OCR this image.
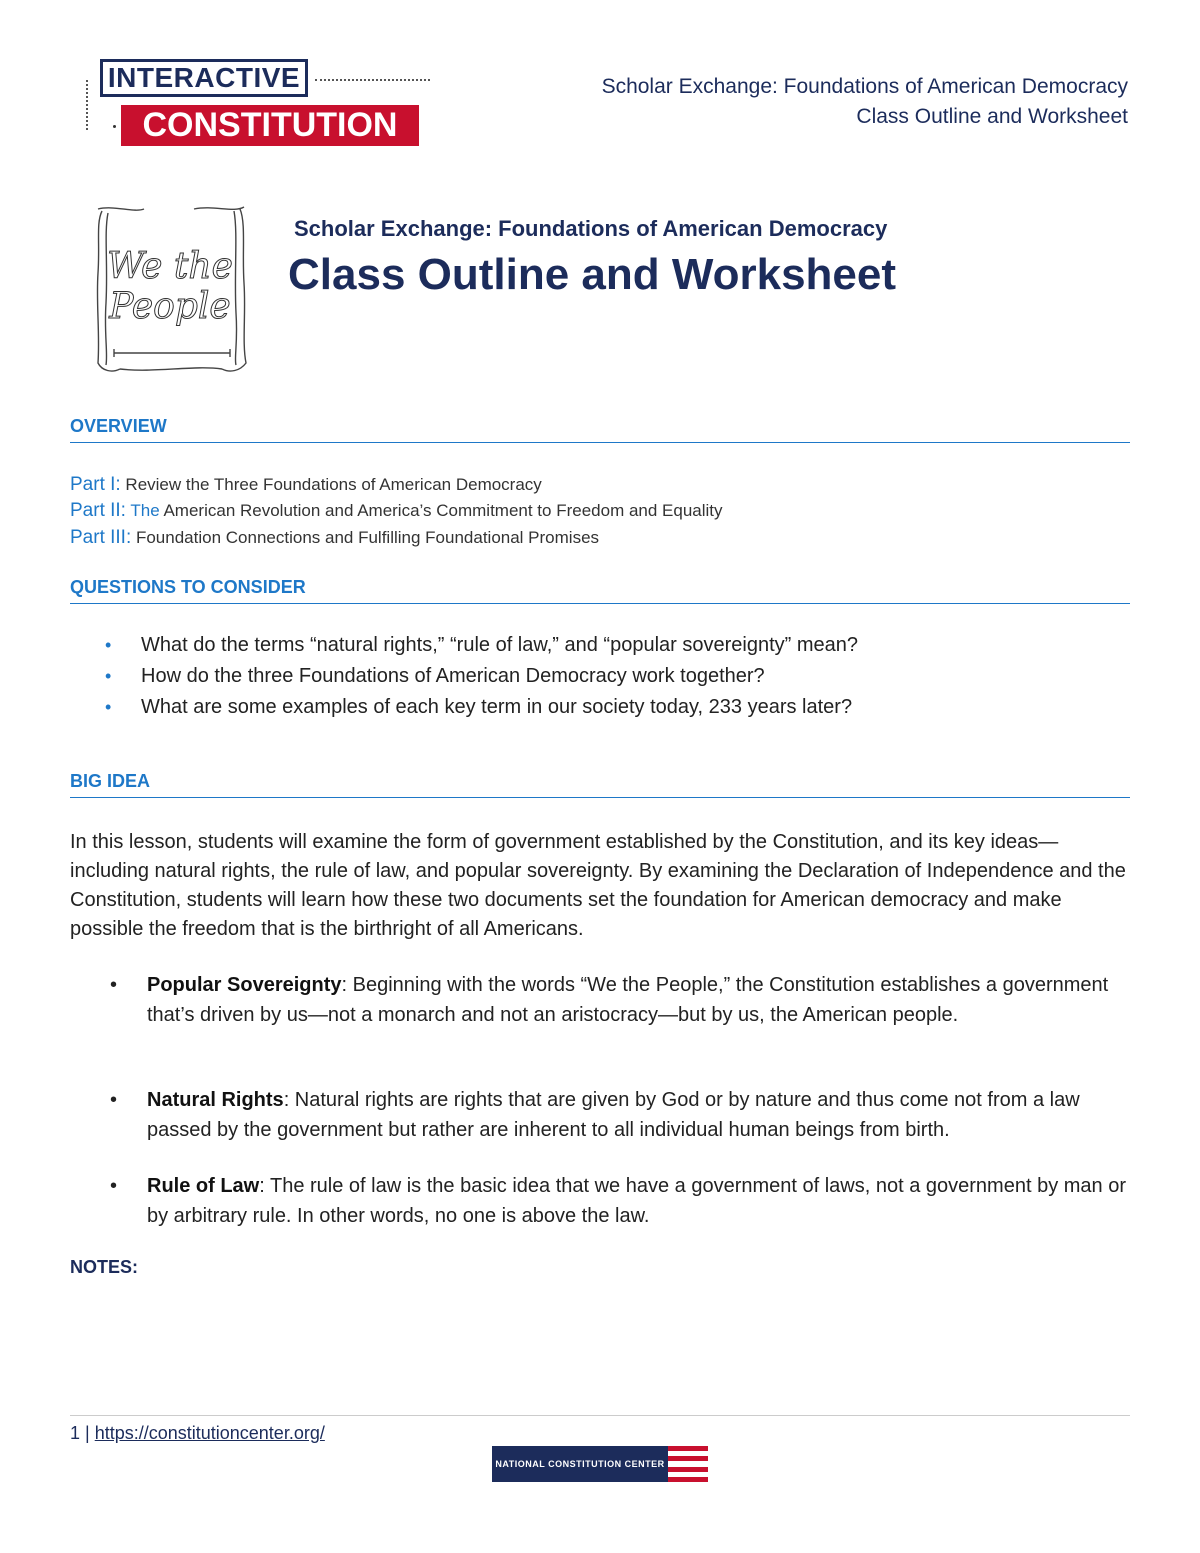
INTERACTIVE
CONSTITUTION
Scholar Exchange: Foundations of American Democracy
Class Outline and Worksheet
We the
People
Scholar Exchange: Foundations of American Democracy
Class Outline and Worksheet
OVERVIEW
Part I: Review the Three Foundations of American Democracy
Part II: The American Revolution and America’s Commitment to Freedom and Equality
Part III: Foundation Connections and Fulfilling Foundational Promises
QUESTIONS TO CONSIDER
• What do the terms “natural rights,” “rule of law,” and “popular sovereignty” mean?
• How do the three Foundations of American Democracy work together?
• What are some examples of each key term in our society today, 233 years later?
BIG IDEA
In this lesson, students will examine the form of government established by the Constitution, and its key ideas—including natural rights, the rule of law, and popular sovereignty. By examining the Declaration of Independence and the Constitution, students will learn how these two documents set the foundation for American democracy and make possible the freedom that is the birthright of all Americans.
• Popular Sovereignty: Beginning with the words “We the People,” the Constitution establishes a government that’s driven by us—not a monarch and not an aristocracy—but by us, the American people.
• Natural Rights: Natural rights are rights that are given by God or by nature and thus come not from a law passed by the government but rather are inherent to all individual human beings from birth.
• Rule of Law: The rule of law is the basic idea that we have a government of laws, not a government by man or by arbitrary rule. In other words, no one is above the law.
NOTES:
1 | https://constitutioncenter.org/
NATIONAL CONSTITUTION CENTER
